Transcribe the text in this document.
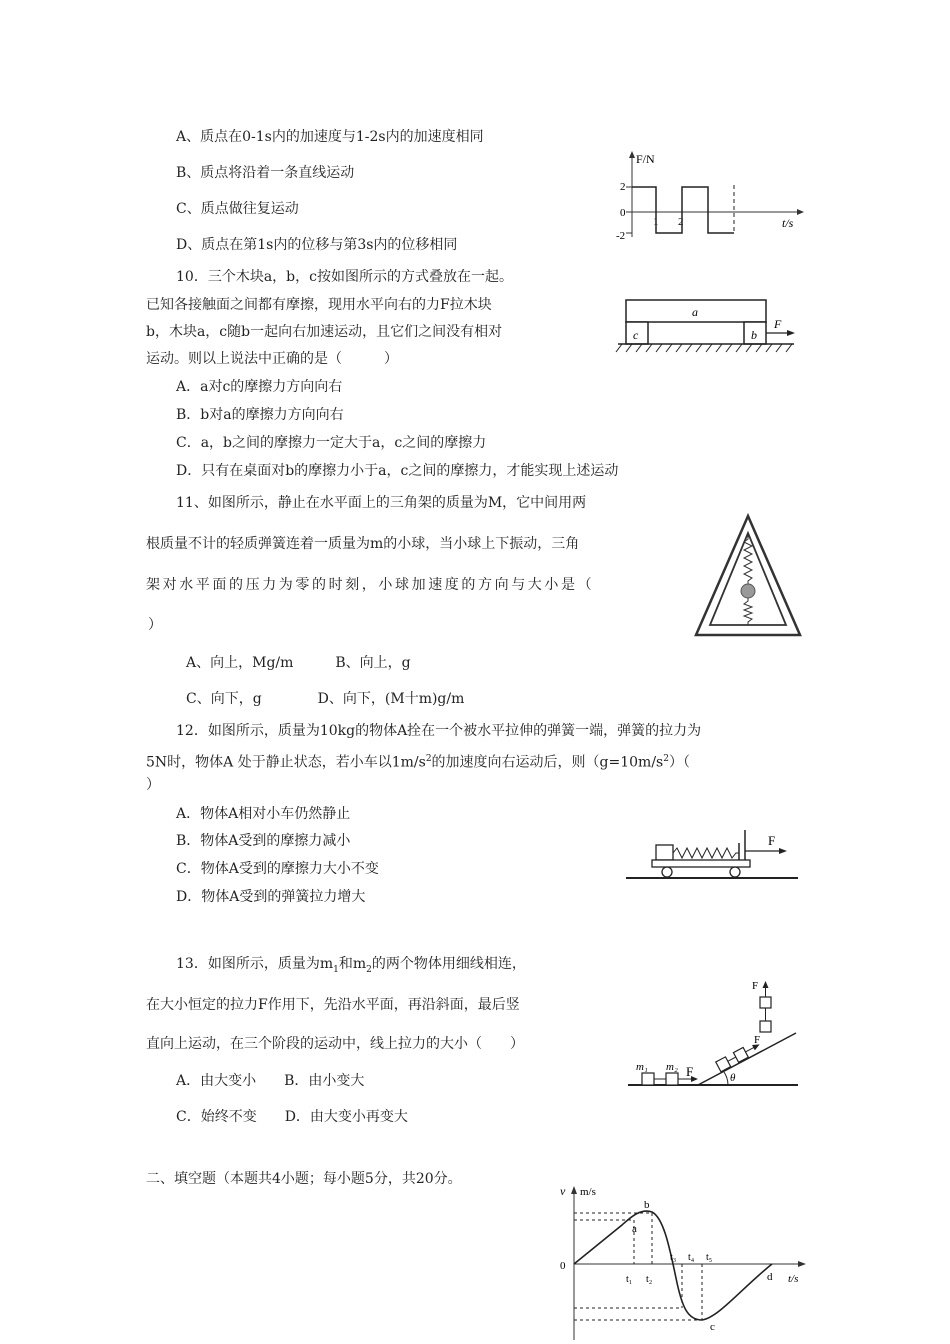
A、质点在0-1s内的加速度与1-2s内的加速度相同
B、质点将沿着一条直线运动
C、质点做往复运动
D、质点在第1s内的位移与第3s内的位移相同
F/N
t/s
2
0
-2
1 2
10．三个木块a，b，c按如图所示的方式叠放在一起。
已知各接触面之间都有摩擦，现用水平向右的力F拉木块
b，木块a，c随b一起向右加速运动，且它们之间没有相对
运动。则以上说法中正确的是（　　　）
A．a对c的摩擦力方向向右
B．b对a的摩擦力方向向右
C．a，b之间的摩擦力一定大于a，c之间的摩擦力
D．只有在桌面对b的摩擦力小于a，c之间的摩擦力，才能实现上述运动
a
c	b
F
11、如图所示，静止在水平面上的三角架的质量为M，它中间用两
根质量不计的轻质弹簧连着一质量为m的小球，当小球上下振动，三角
架对水平面的压力为零的时刻，小球加速度的方向与大小是（
）
A、向上，Mg/m　　　B、向上，g
C、向下，g　　　　D、向下，(M十m)g/m
12．如图所示，质量为10kg的物体A拴在一个被水平拉伸的弹簧一端，弹簧的拉力为
5N时，物体A 处于静止状态，若小车以$1m/s^2$的加速度向右运动后，则$(g=10m/s^2)$（
）
A．物体A相对小车仍然静止
B．物体A受到的摩擦力减小
C．物体A受到的摩擦力大小不变
D．物体A受到的弹簧拉力增大
F
13．如图所示，质量为$m_1$和$m_2$的两个物体用细线相连，
在大小恒定的拉力F作用下，先沿水平面，再沿斜面，最后竖
直向上运动，在三个阶段的运动中，线上拉力的大小（　　）
A．由大变小　　B．由小变大
C．始终不变　　D．由大变小再变大
θ
m₁ m₂ F
F
F
二、填空题（本题共4小题；每小题5分，共20分。
v m/s
0
t/s
a
b
c
d
t₁ t₂
t₃ t₄ t₅
